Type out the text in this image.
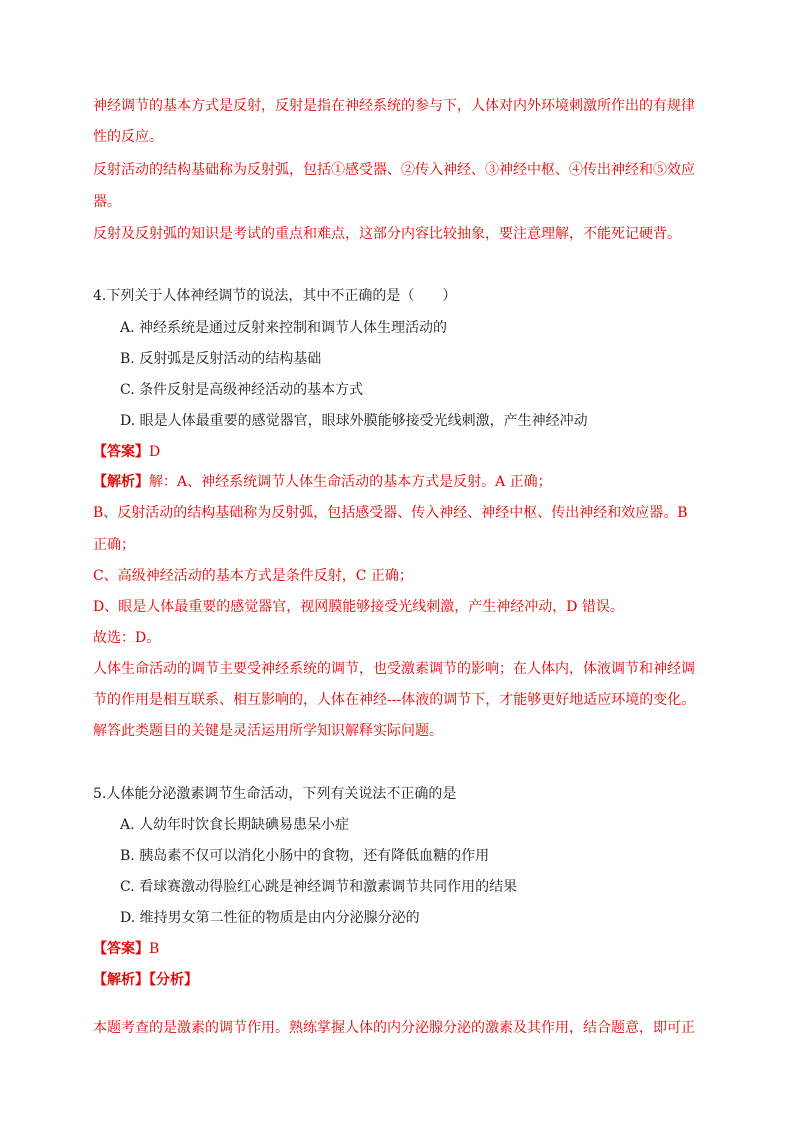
神经调节的基本方式是反射，反射是指在神经系统的参与下，人体对内外环境刺激所作出的有规律
性的反应。
反射活动的结构基础称为反射弧，包括①感受器、②传入神经、③神经中枢、④传出神经和⑤效应
器。
反射及反射弧的知识是考试的重点和难点，这部分内容比较抽象，要注意理解，不能死记硬背。
4.下列关于人体神经调节的说法，其中不正确的是（　　）
A. 神经系统是通过反射来控制和调节人体生理活动的
B. 反射弧是反射活动的结构基础
C. 条件反射是高级神经活动的基本方式
D. 眼是人体最重要的感觉器官，眼球外膜能够接受光线刺激，产生神经冲动
【答案】D
【解析】解：A、神经系统调节人体生命活动的基本方式是反射。A 正确；
B、反射活动的结构基础称为反射弧，包括感受器、传入神经、神经中枢、传出神经和效应器。B
正确；
C、高级神经活动的基本方式是条件反射，C 正确；
D、眼是人体最重要的感觉器官，视网膜能够接受光线刺激，产生神经冲动，D 错误。
故选：D。
人体生命活动的调节主要受神经系统的调节，也受激素调节的影响；在人体内，体液调节和神经调
节的作用是相互联系、相互影响的，人体在神经---体液的调节下，才能够更好地适应环境的变化。
解答此类题目的关键是灵活运用所学知识解释实际问题。
5.人体能分泌激素调节生命活动，下列有关说法不正确的是
A. 人幼年时饮食长期缺碘易患呆小症
B. 胰岛素不仅可以消化小肠中的食物，还有降低血糖的作用
C. 看球赛激动得脸红心跳是神经调节和激素调节共同作用的结果
D. 维持男女第二性征的物质是由内分泌腺分泌的
【答案】B
【解析】【分析】
本题考查的是激素的调节作用。熟练掌握人体的内分泌腺分泌的激素及其作用，结合题意，即可正
